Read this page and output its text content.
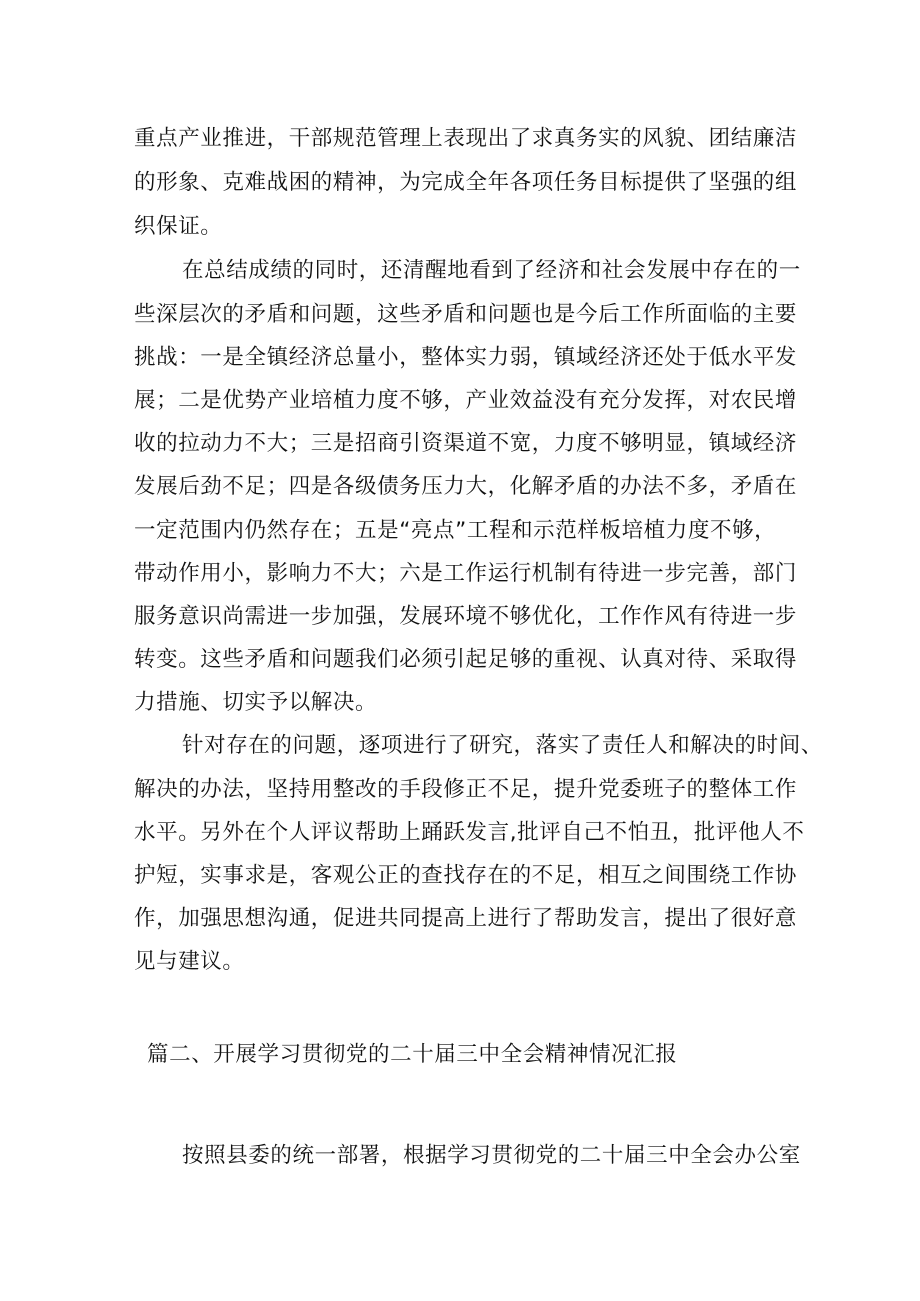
重点产业推进，干部规范管理上表现出了求真务实的风貌、团结廉洁
的形象、克难战困的精神，为完成全年各项任务目标提供了坚强的组
织保证。
在总结成绩的同时，还清醒地看到了经济和社会发展中存在的一
些深层次的矛盾和问题，这些矛盾和问题也是今后工作所面临的主要
挑战：一是全镇经济总量小，整体实力弱，镇域经济还处于低水平发
展；二是优势产业培植力度不够，产业效益没有充分发挥，对农民增
收的拉动力不大；三是招商引资渠道不宽，力度不够明显，镇域经济
发展后劲不足；四是各级债务压力大，化解矛盾的办法不多，矛盾在
一定范围内仍然存在；五是“亮点”工程和示范样板培植力度不够，
带动作用小，影响力不大；六是工作运行机制有待进一步完善，部门
服务意识尚需进一步加强，发展环境不够优化，工作作风有待进一步
转变。这些矛盾和问题我们必须引起足够的重视、认真对待、采取得
力措施、切实予以解决。
针对存在的问题，逐项进行了研究，落实了责任人和解决的时间、
解决的办法，坚持用整改的手段修正不足，提升党委班子的整体工作
水平。另外在个人评议帮助上踊跃发言,批评自己不怕丑，批评他人不
护短，实事求是，客观公正的查找存在的不足，相互之间围绕工作协
作，加强思想沟通，促进共同提高上进行了帮助发言，提出了很好意
见与建议。
篇二、开展学习贯彻党的二十届三中全会精神情况汇报
按照县委的统一部署，根据学习贯彻党的二十届三中全会办公室
